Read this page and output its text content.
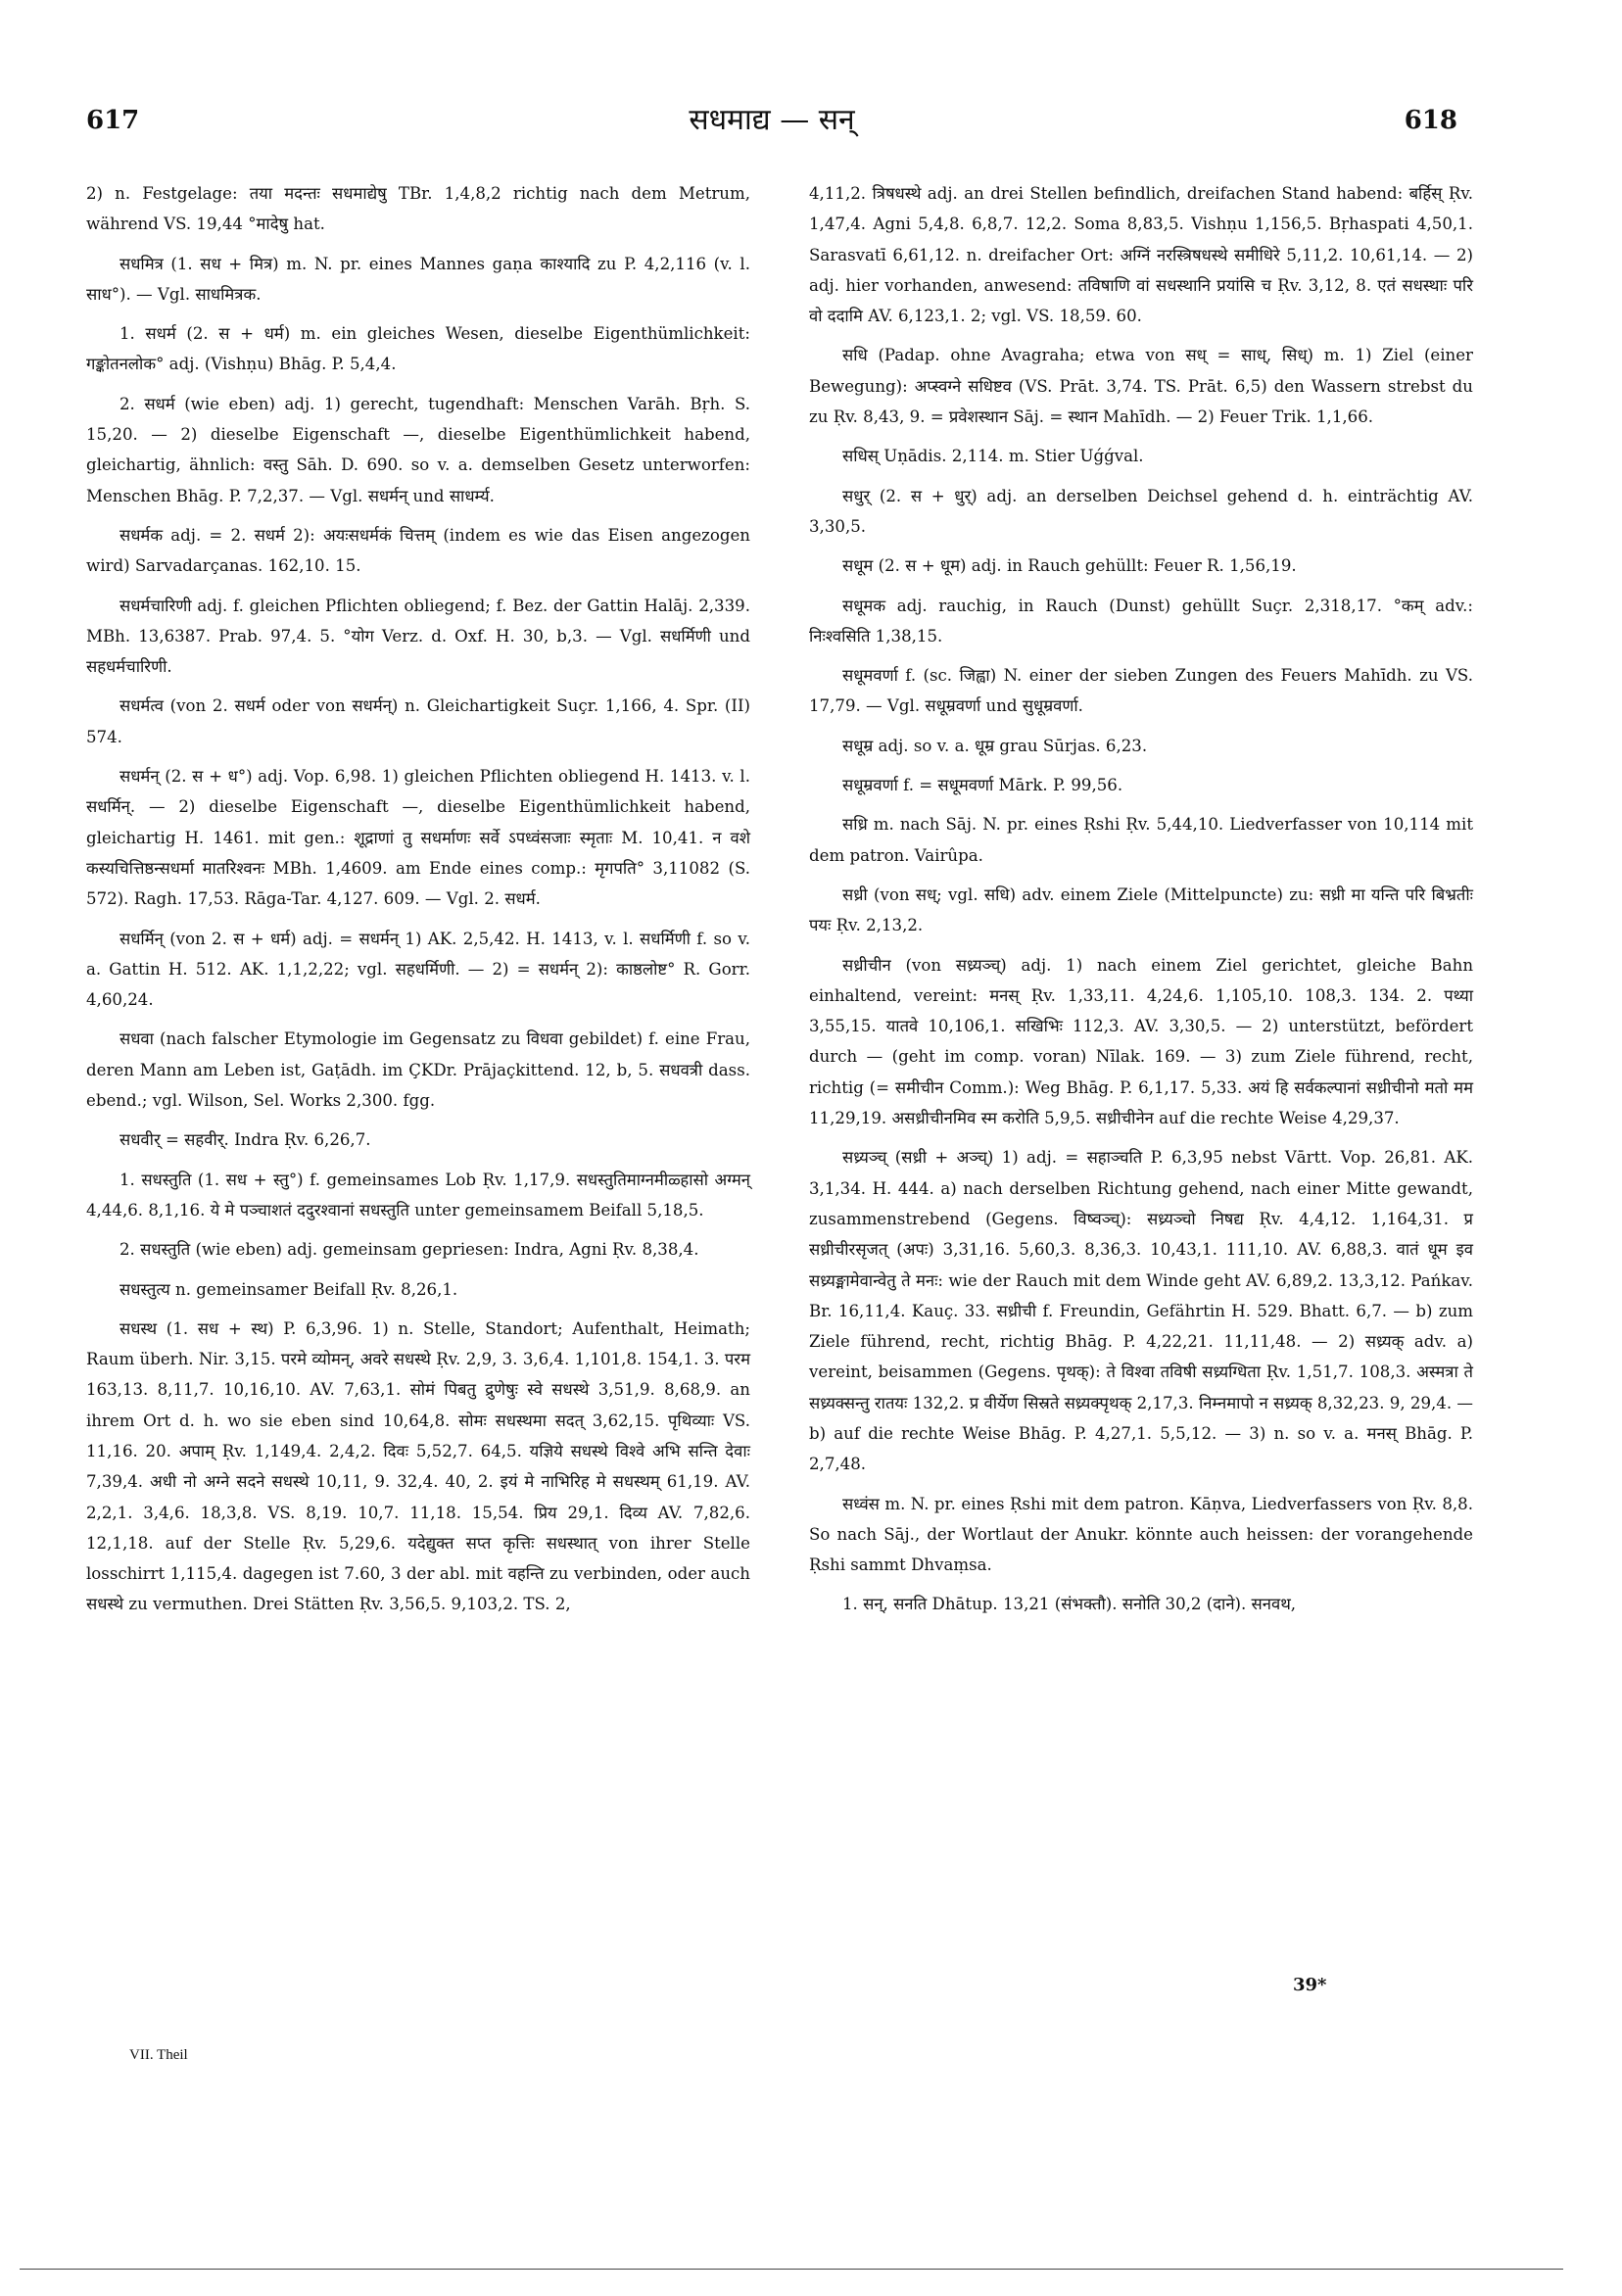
617	सधमाद्य — सन्	618

2) n. Festgelage: तया मदन्तः सधमाद्येषु TBr. 1,4,8,2 richtig nach dem Metrum, während VS. 19,44 °मादेषु hat.

सधमित्र (1. सध + मित्र) m. N. pr. eines Mannes gaṇa काश्यादि zu P. 4,2,116 (v. l. साध°). — Vgl. साधमित्रक.

1. सधर्म (2. स + धर्म) m. ein gleiches Wesen, dieselbe Eigenthümlichkeit: गङ्कोतनलोक° adj. (Vishṇu) Bhāg. P. 5,4,4.

2. सधर्म (wie eben) adj. 1) gerecht, tugendhaft: Menschen Varāh. Bṛh. S. 15,20. — 2) dieselbe Eigenschaft —, dieselbe Eigenthümlichkeit habend, gleichartig, ähnlich: वस्तु Sāh. D. 690. so v. a. demselben Gesetz unterworfen: Menschen Bhāg. P. 7,2,37. — Vgl. सधर्मन् und साधर्म्य.

सधर्मक adj. = 2. सधर्म 2): अयःसधर्मकं चित्तम् (indem es wie das Eisen angezogen wird) Sarvadarçanas. 162,10. 15.

सधर्मचारिणी adj. f. gleichen Pflichten obliegend; f. Bez. der Gattin Halāj. 2,339. MBh. 13,6387. Prab. 97,4. 5. °योग Verz. d. Oxf. H. 30, b,3. — Vgl. सधर्मिणी und सहधर्मचारिणी.

सधर्मत्व (von 2. सधर्म oder von सधर्मन्) n. Gleichartigkeit Suçr. 1,166, 4. Spr. (II) 574.

सधर्मन् (2. स + ध°) adj. Vop. 6,98. 1) gleichen Pflichten obliegend H. 1413. v. l. सधर्मिन्. — 2) dieselbe Eigenschaft —, dieselbe Eigenthümlichkeit habend, gleichartig H. 1461. mit gen.: शूद्राणां तु सधर्माणः सर्वे ऽपध्वंसजाः स्मृताः M. 10,41. न वशे कस्यचित्तिष्ठन्सधर्मा मातरिश्वनः MBh. 1,4609. am Ende eines comp.: मृगपति° 3,11082 (S. 572). Ragh. 17,53. Rāga-Tar. 4,127. 609. — Vgl. 2. सधर्म.

सधर्मिन् (von 2. स + धर्म) adj. = सधर्मन् 1) AK. 2,5,42. H. 1413, v. l. सधर्मिणी f. so v. a. Gattin H. 512. AK. 1,1,2,22; vgl. सहधर्मिणी. — 2) = सधर्मन् 2): काष्ठलोष्ट° R. Gorr. 4,60,24.

सधवा (nach falscher Etymologie im Gegensatz zu विधवा gebildet) f. eine Frau, deren Mann am Leben ist, Gaṭādh. im ÇKDr. Prājaçkittend. 12, b, 5. सधवत्री dass. ebend.; vgl. Wilson, Sel. Works 2,300. fgg.

सधवीर् = सहवीर्. Indra Ṛv. 6,26,7.

1. सधस्तुति (1. सध + स्तु°) f. gemeinsames Lob Ṛv. 1,17,9. सधस्तुतिमाग्नमीळ्हासो अग्मन् 4,44,6. 8,1,16. ये मे पञ्चाशतं ददुरश्वानां सधस्तुति unter gemeinsamem Beifall 5,18,5.

2. सधस्तुति (wie eben) adj. gemeinsam gepriesen: Indra, Agni Ṛv. 8,38,4.

सधस्तुत्य n. gemeinsamer Beifall Ṛv. 8,26,1.

सधस्थ (1. सध + स्थ) P. 6,3,96. 1) n. Stelle, Standort; Aufenthalt, Heimath; Raum überh. Nir. 3,15. परमे व्योमन्, अवरे सधस्थे Ṛv. 2,9, 3. 3,6,4. 1,101,8. 154,1. 3. परम 163,13. 8,11,7. 10,16,10. AV. 7,63,1. सोमं पिबतु द्रुणेषुः स्वे सधस्थे 3,51,9. 8,68,9. an ihrem Ort d. h. wo sie eben sind 10,64,8. सोमः सधस्थमा सदत् 3,62,15. पृथिव्याः VS. 11,16. 20. अपाम् Ṛv. 1,149,4. 2,4,2. दिवः 5,52,7. 64,5. यज्ञिये सधस्थे विश्वे अभि सन्ति देवाः 7,39,4. अधी नो अग्ने सदने सधस्थे 10,11, 9. 32,4. 40, 2. इयं मे नाभिरिह मे सधस्थम् 61,19. AV. 2,2,1. 3,4,6. 18,3,8. VS. 8,19. 10,7. 11,18. 15,54. प्रिय 29,1. दिव्य AV. 7,82,6. 12,1,18. auf der Stelle Ṛv. 5,29,6. यदेद्युक्त सप्त कृत्तिः सधस्थात् von ihrer Stelle losschirrt 1,115,4. dagegen ist 7.60, 3 der abl. mit वहन्ति zu verbinden, oder auch सधस्थे zu vermuthen. Drei Stätten Ṛv. 3,56,5. 9,103,2. TS. 2,

4,11,2. त्रिषधस्थे adj. an drei Stellen befindlich, dreifachen Stand habend: बर्हिस् Ṛv. 1,47,4. Agni 5,4,8. 6,8,7. 12,2. Soma 8,83,5. Vishṇu 1,156,5. Bṛhaspati 4,50,1. Sarasvatī 6,61,12. n. dreifacher Ort: अग्निं नरस्त्रिषधस्थे समीधिरे 5,11,2. 10,61,14. — 2) adj. hier vorhanden, anwesend: तविषाणि वां सधस्थानि प्रयांसि च Ṛv. 3,12, 8. एतं सधस्थाः परि वो ददामि AV. 6,123,1. 2; vgl. VS. 18,59. 60.

सधि (Padap. ohne Avagraha; etwa von सध् = साध्, सिध्) m. 1) Ziel (einer Bewegung): अप्स्वग्ने सधिष्टव (VS. Prāt. 3,74. TS. Prāt. 6,5) den Wassern strebst du zu Ṛv. 8,43, 9. = प्रवेशस्थान Sāj. = स्थान Mahīdh. — 2) Feuer Trik. 1,1,66.

सधिस् Uṇādis. 2,114. m. Stier Uǵǵval.

सधुर् (2. स + धुर्) adj. an derselben Deichsel gehend d. h. einträchtig AV. 3,30,5.

सधूम (2. स + धूम) adj. in Rauch gehüllt: Feuer R. 1,56,19.

सधूमक adj. rauchig, in Rauch (Dunst) gehüllt Suçr. 2,318,17. °कम् adv.: निःश्वसिति 1,38,15.

सधूमवर्णा f. (sc. जिह्वा) N. einer der sieben Zungen des Feuers Mahīdh. zu VS. 17,79. — Vgl. सधूम्रवर्णा und सुधूम्रवर्णा.

सधूम्र adj. so v. a. धूम्र grau Sūrjas. 6,23.

सधूम्रवर्णा f. = सधूमवर्णा Mārk. P. 99,56.

सध्रि m. nach Sāj. N. pr. eines Ṛshi Ṛv. 5,44,10. Liedverfasser von 10,114 mit dem patron. Vairûpa.

सध्री (von सध्; vgl. सधि) adv. einem Ziele (Mittelpuncte) zu: सध्री मा यन्ति परि बिभ्रतीः पयः Ṛv. 2,13,2.

सध्रीचीन (von सध्र्यञ्च्) adj. 1) nach einem Ziel gerichtet, gleiche Bahn einhaltend, vereint: मनस् Ṛv. 1,33,11. 4,24,6. 1,105,10. 108,3. 134. 2. पथ्या 3,55,15. यातवे 10,106,1. सखिभिः 112,3. AV. 3,30,5. — 2) unterstützt, befördert durch — (geht im comp. voran) Nīlak. 169. — 3) zum Ziele führend, recht, richtig (= समीचीन Comm.): Weg Bhāg. P. 6,1,17. 5,33. अयं हि सर्वकल्पानां सध्रीचीनो मतो मम 11,29,19. असध्रीचीनमिव स्म करोति 5,9,5. सध्रीचीनेन auf die rechte Weise 4,29,37.

सध्र्यञ्च् (सध्री + अञ्च्) 1) adj. = सहाञ्चति P. 6,3,95 nebst Vārtt. Vop. 26,81. AK. 3,1,34. H. 444. a) nach derselben Richtung gehend, nach einer Mitte gewandt, zusammenstrebend (Gegens. विष्वञ्च्): सध्र्यञ्चो निषद्य Ṛv. 4,4,12. 1,164,31. प्र सध्रीचीरसृजत् (अपः) 3,31,16. 5,60,3. 8,36,3. 10,43,1. 111,10. AV. 6,88,3. वातं धूम इव सध्र्यङ्मामेवान्वेतु ते मनः: wie der Rauch mit dem Winde geht AV. 6,89,2. 13,3,12. Pańkav. Br. 16,11,4. Kauç. 33. सध्रीची f. Freundin, Gefährtin H. 529. Bhatt. 6,7. — b) zum Ziele führend, recht, richtig Bhāg. P. 4,22,21. 11,11,48. — 2) सध्र्यक् adv. a) vereint, beisammen (Gegens. पृथक्): ते विश्वा तविषी सध्र्यग्धिता Ṛv. 1,51,7. 108,3. अस्मत्रा ते सध्र्यक्सन्तु रातयः 132,2. प्र वीर्येण सिस्रते सध्र्यक्पृथक् 2,17,3. निम्नमापो न सध्र्यक् 8,32,23. 9, 29,4. — b) auf die rechte Weise Bhāg. P. 4,27,1. 5,5,12. — 3) n. so v. a. मनस् Bhāg. P. 2,7,48.

सध्वंस m. N. pr. eines Ṛshi mit dem patron. Kāṇva, Liedverfassers von Ṛv. 8,8. So nach Sāj., der Wortlaut der Anukr. könnte auch heissen: der vorangehende Ṛshi sammt Dhvaṃsa.

1. सन्, सनति Dhātup. 13,21 (संभक्तौ). सनोति 30,2 (दाने). सनवथ,

VII. Theil
39*
